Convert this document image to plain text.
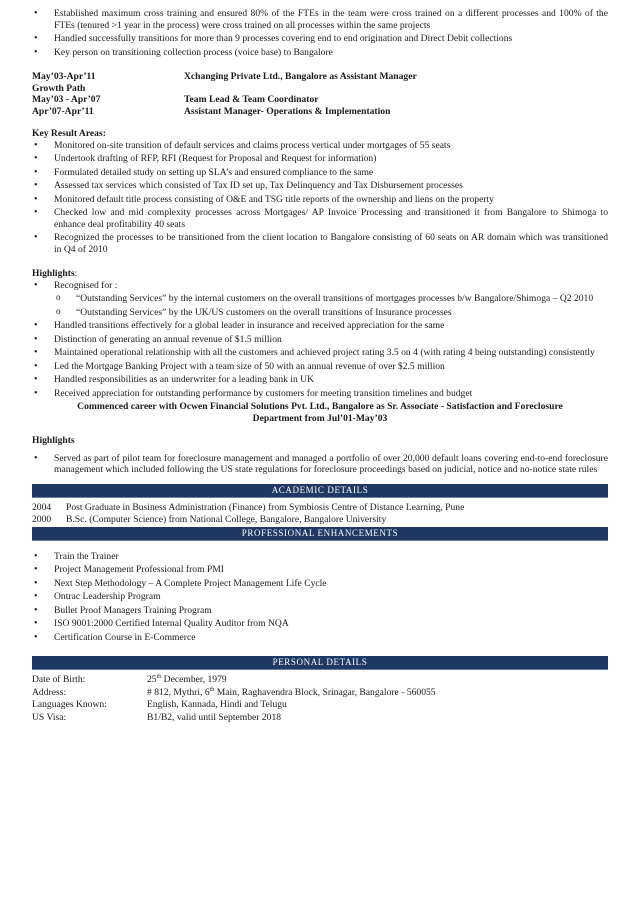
• Established maximum cross training and ensured 80% of the FTEs in the team were cross trained on a different processes and 100% of the FTEs (tenured >1 year in the process) were cross trained on all processes within the same projects
• Handled successfully transitions for more than 9 processes covering end to end origination and Direct Debit collections
• Key person on transitioning collection process (voice base) to Bangalore
May’03-Apr’11	Xchanging Private Ltd., Bangalore as Assistant Manager
Growth Path
May’03 - Apr’07	Team Lead & Team Coordinator
Apr’07-Apr’11	Assistant Manager- Operations & Implementation
Key Result Areas:
• Monitored on-site transition of default services and claims process vertical under mortgages of 55 seats
• Undertook drafting of RFP, RFI (Request for Proposal and Request for information)
• Formulated detailed study on setting up SLA’s and ensured compliance to the same
• Assessed tax services which consisted of Tax ID set up, Tax Delinquency and Tax Disbursement processes
• Monitored default title process consisting of O&E and TSG title reports of the ownership and liens on the property
• Checked low and mid complexity processes across Mortgages/ AP Invoice Processing and transitioned it from Bangalore to Shimoga to enhance deal profitability 40 seats
• Recognized the processes to be transitioned from the client location to Bangalore consisting of 60 seats on AR domain which was transitioned in Q4 of 2010
Highlights:
• Recognised for :
o “Outstanding Services” by the internal customers on the overall transitions of mortgages processes b/w Bangalore/Shimoga – Q2 2010
o “Outstanding Services” by the UK/US customers on the overall transitions of Insurance processes
• Handled transitions effectively for a global leader in insurance and received appreciation for the same
• Distinction of generating an annual revenue of $1.5 million
• Maintained operational relationship with all the customers and achieved project rating 3.5 on 4 (with rating 4 being outstanding) consistently
• Led the Mortgage Banking Project with a team size of 50 with an annual revenue of over $2.5 million
• Handled responsibilities as an underwriter for a leading bank in UK
• Received appreciation for outstanding performance by customers for meeting transition timelines and budget
Commenced career with Ocwen Financial Solutions Pvt. Ltd., Bangalore as Sr. Associate - Satisfaction and Foreclosure
Department from Jul’01-May’03
Highlights
• Served as part of pilot team for foreclosure management and managed a portfolio of over 20,000 default loans covering end-to-end foreclosure management which included following the US state regulations for foreclosure proceedings based on judicial, notice and no-notice state rules
ACADEMIC DETAILS
2004	Post Graduate in Business Administration (Finance) from Symbiosis Centre of Distance Learning, Pune
2000	B.Sc. (Computer Science) from National College, Bangalore, Bangalore University
PROFESSIONAL ENHANCEMENTS
• Train the Trainer
• Project Management Professional from PMI
• Next Step Methodology – A Complete Project Management Life Cycle
• Ontrac Leadership Program
• Bullet Proof Managers Training Program
• ISO 9001:2000 Certified Internal Quality Auditor from NQA
• Certification Course in E-Commerce
PERSONAL DETAILS
Date of Birth:	25th December, 1979
Address:	# 812, Mythri, 6th Main, Raghavendra Block, Srinagar, Bangalore - 560055
Languages Known:	English, Kannada, Hindi and Telugu
US Visa:	B1/B2, valid until September 2018
